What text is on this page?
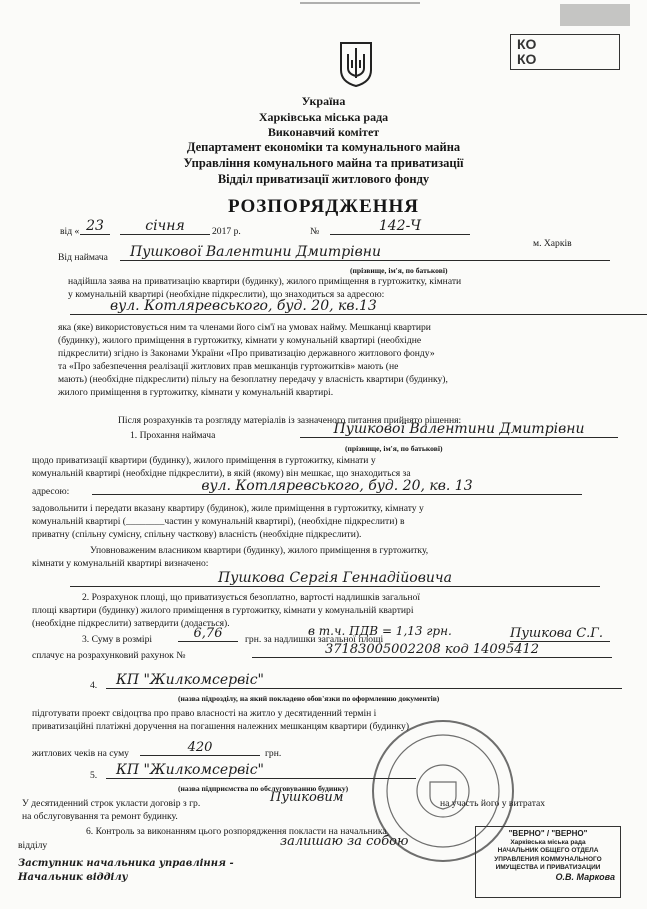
КО
КО
Україна
Харківська міська рада
Виконавчий комітет
Департамент економіки та комунального майна
Управління комунального майна та приватизації
Відділ приватизації житлового фонду
РОЗПОРЯДЖЕННЯ
від « 23	січня	2017 р.	№	142-Ч
м. Харків
Від наймача	Пушкової Валентини Дмитрівни
(прізвище, ім'я, по батькові)
надійшла заява на приватизацію квартири (будинку), жилого приміщення в гуртожитку, кімнати
у комунальній квартирі (необхідне підкреслити), що знаходиться за адресою:
вул. Котляревського, буд. 20, кв.13
яка (яке) використовується ним та членами його сім'ї на умовах найму. Мешканці квартири
(будинку), жилого приміщення в гуртожитку, кімнати у комунальній квартирі (необхідне
підкреслити) згідно із Законами України «Про приватизацію державного житлового фонду»
та «Про забезпечення реалізації житлових прав мешканців гуртожитків» мають (не
мають) (необхідне підкреслити) пільгу на безоплатну передачу у власність квартири (будинку),
жилого приміщення в гуртожитку, кімнати у комунальній квартирі.
Після розрахунків та розгляду матеріалів із зазначеного питання прийнято рішення:
1. Прохання наймача	Пушкової Валентини Дмитрівни
(прізвище, ім'я, по батькові)
щодо приватизації квартири (будинку), жилого приміщення в гуртожитку, кімнати у
комунальній квартирі (необхідне підкреслити), в якій (якому) він мешкає, що знаходиться за
адресою:	вул. Котляревського, буд. 20, кв. 13
задовольнити і передати вказану квартиру (будинок), жиле приміщення в гуртожитку, кімнату у
комунальній квартирі (________частин у комунальній квартирі), (необхідне підкреслити) в
приватну (спільну сумісну, спільну часткову) власність (необхідне підкреслити).
Уповноваженим власником квартири (будинку), жилого приміщення в гуртожитку,
кімнати у комунальній квартирі визначено:
Пушкова Сергія Геннадійовича
2. Розрахунок площі, що приватизується безоплатно, вартості надлишків загальної
площі квартири (будинку) жилого приміщення в гуртожитку, кімнати у комунальній квартирі
(необхідне підкреслити) затвердити (додається).
3. Суму в розмірі	6,76	грн. за надлишки загальної площі
в т.ч. ПДВ = 1,13 грн.	Пушкова С.Г.
сплачує на розрахунковий рахунок №	37183005002208 код 14095412
4.	КП "Жилкомсервіс"
(назва підрозділу, на який покладено обов'язки по оформленню документів)
підготувати проект свідоцтва про право власності на житло у десятиденний термін і
приватизаційні платіжні доручення на погашення належних мешканцям квартири (будинку)
житлових чеків на суму	420	грн.
5.	КП "Жилкомсервіс"
(назва підприємства по обслуговуванню будинку)
У десятиденний строк укласти договір з гр.	Пушковим	на участь його у витратах
на обслуговування та ремонт будинку.
6. Контроль за виконанням цього розпорядження покласти на начальника
відділу	залишаю за собою
Заступник начальника управління -
Начальник відділу
"ВЕРНО" / "ВЕРНО"
Харківська міська рада
НАЧАЛЬНИК ОБЩЕГО ОТДЕЛА
УПРАВЛЕНИЯ КОММУНАЛЬНОГО ИМУЩЕСТВА И ПРИВАТИЗАЦИИ
О.В. Маркова
